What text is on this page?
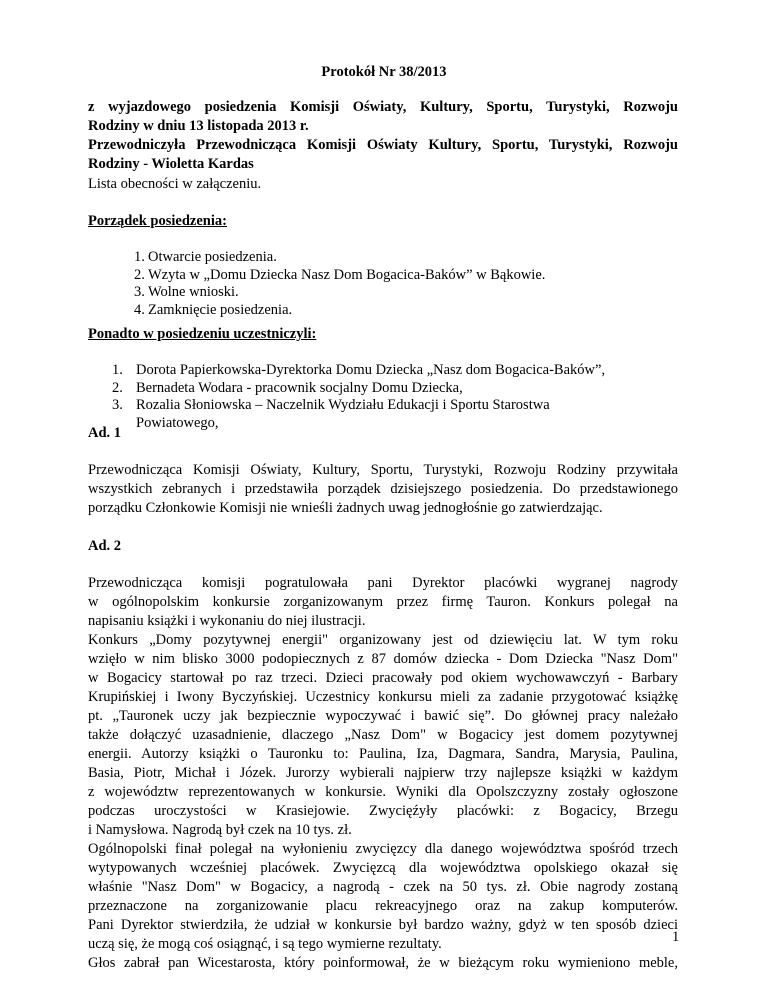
Protokół Nr 38/2013
z wyjazdowego posiedzenia Komisji Oświaty, Kultury, Sportu, Turystyki, Rozwoju
Rodziny w dniu 13 listopada 2013 r.
Przewodniczyła Przewodnicząca Komisji Oświaty Kultury, Sportu, Turystyki, Rozwoju
Rodziny - Wioletta Kardas
Lista obecności w załączeniu.
Porządek posiedzenia:
1. Otwarcie posiedzenia.
2. Wzyta w „Domu Dziecka Nasz Dom Bogacica-Baków” w Bąkowie.
3. Wolne wnioski.
4. Zamknięcie posiedzenia.
Ponadto w posiedzeniu uczestniczyli:
1. Dorota Papierkowska-Dyrektorka Domu Dziecka „Nasz dom Bogacica-Baków”,
2. Bernadeta Wodara - pracownik socjalny Domu Dziecka,
3. Rozalia Słoniowska – Naczelnik Wydziału Edukacji i Sportu Starostwa Powiatowego,
Ad. 1
Przewodnicząca Komisji Oświaty, Kultury, Sportu, Turystyki, Rozwoju Rodziny przywitała
wszystkich zebranych i przedstawiła porządek dzisiejszego posiedzenia. Do przedstawionego
porządku Członkowie Komisji nie wnieśli żadnych uwag jednogłośnie go zatwierdzając.
Ad. 2
Przewodnicząca komisji pogratulowała pani Dyrektor placówki wygranej nagrody
w ogólnopolskim konkursie zorganizowanym przez firmę Tauron. Konkurs polegał na
napisaniu książki i wykonaniu do niej ilustracji.
Konkurs „Domy pozytywnej energii" organizowany jest od dziewięciu lat. W tym roku
wzięło w nim blisko 3000 podopiecznych z 87 domów dziecka - Dom Dziecka "Nasz Dom"
w Bogacicy startował po raz trzeci. Dzieci pracowały pod okiem wychowawczyń - Barbary
Krupińskiej i Iwony Byczyńskiej. Uczestnicy konkursu mieli za zadanie przygotować książkę
pt. „Tauronek uczy jak bezpiecznie wypoczywać i bawić się”. Do głównej pracy należało
także dołączyć uzasadnienie, dlaczego „Nasz Dom" w Bogacicy jest domem pozytywnej
energii. Autorzy książki o Tauronku to: Paulina, Iza, Dagmara, Sandra, Marysia, Paulina,
Basia, Piotr, Michał i Józek. Jurorzy wybierali najpierw trzy najlepsze książki w każdym
z województw reprezentowanych w konkursie. Wyniki dla Opolszczyzny zostały ogłoszone
podczas uroczystości w Krasiejowie. Zwycięźyły placówki: z Bogacicy, Brzegu
i Namysłowa. Nagrodą był czek na 10 tys. zł.
Ogólnopolski finał polegał na wyłonieniu zwycięzcy dla danego województwa spośród trzech
wytypowanych wcześniej placówek. Zwycięzcą dla województwa opolskiego okazał się
właśnie "Nasz Dom" w Bogacicy, a nagrodą - czek na 50 tys. zł. Obie nagrody zostaną
przeznaczone na zorganizowanie placu rekreacyjnego oraz na zakup komputerów.
Pani Dyrektor stwierdziła, że udział w konkursie był bardzo ważny, gdyż w ten sposób dzieci
uczą się, że mogą coś osiągnąć, i są tego wymierne rezultaty.
Głos zabrał pan Wicestarosta, który poinformował, że w bieżącym roku wymieniono meble,
1
